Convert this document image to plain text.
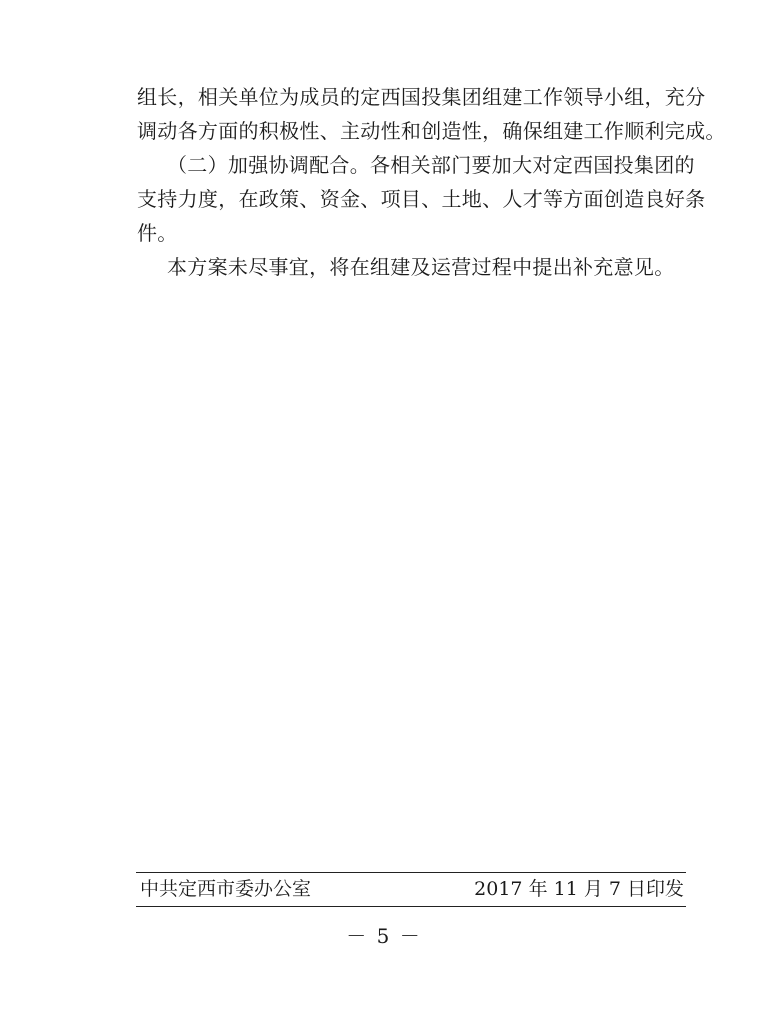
组长，相关单位为成员的定西国投集团组建工作领导小组，充分
调动各方面的积极性、主动性和创造性，确保组建工作顺利完成。
（二）加强协调配合。各相关部门要加大对定西国投集团的
支持力度，在政策、资金、项目、土地、人才等方面创造良好条
件。
本方案未尽事宜，将在组建及运营过程中提出补充意见。
中共定西市委办公室	2017 年 11 月 7 日印发
－ 5 －
